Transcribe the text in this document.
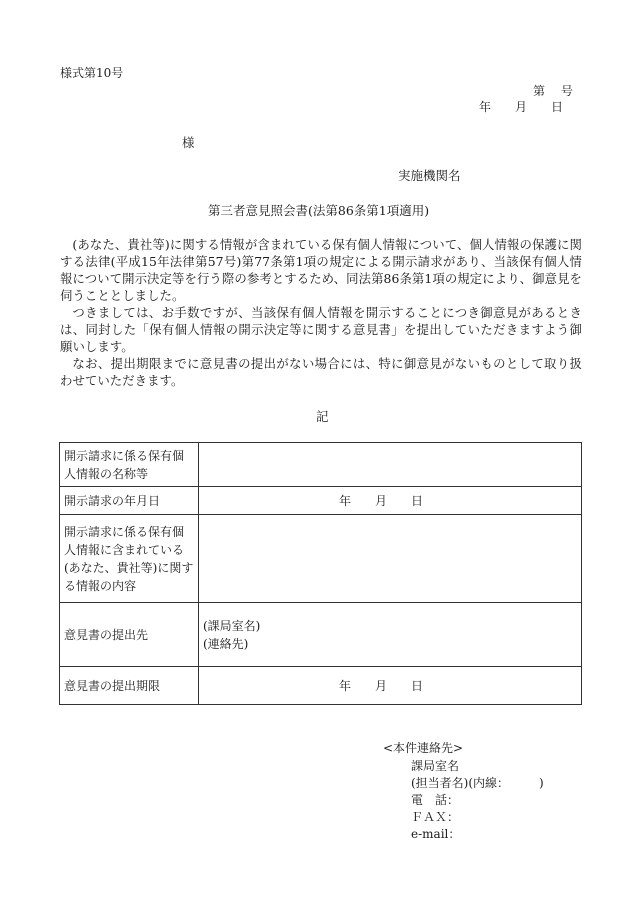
様式第10号
第　 号
年　　月　　日
様
実施機関名
第三者意見照会書(法第86条第1項適用)

(あなた、貴社等)に関する情報が含まれている保有個人情報について、個人情報の保護に関する法律(平成15年法律第57号)第77条第1項の規定による開示請求があり、当該保有個人情報について開示決定等を行う際の参考とするため、同法第86条第1項の規定により、御意見を伺うこととしました。

つきましては、お手数ですが、当該保有個人情報を開示することにつき御意見があるときは、同封した「保有個人情報の開示決定等に関する意見書」を提出していただきますよう御願いします。

なお、提出期限までに意見書の提出がない場合には、特に御意見がないものとして取り扱わせていただきます。

記
開示請求に係る保有個人情報の名称等	
開示請求の年月日	年　　月　　日
開示請求に係る保有個人情報に含まれている(あなた、貴社等)に関する情報の内容	
意見書の提出先	(課局室名)
(連絡先)

意見書の提出期限	年　　月　　日
<本件連絡先>
課局室名
(担当者名)(内線：　　　)
電　話：
ＦＡＸ：
e-mail：
